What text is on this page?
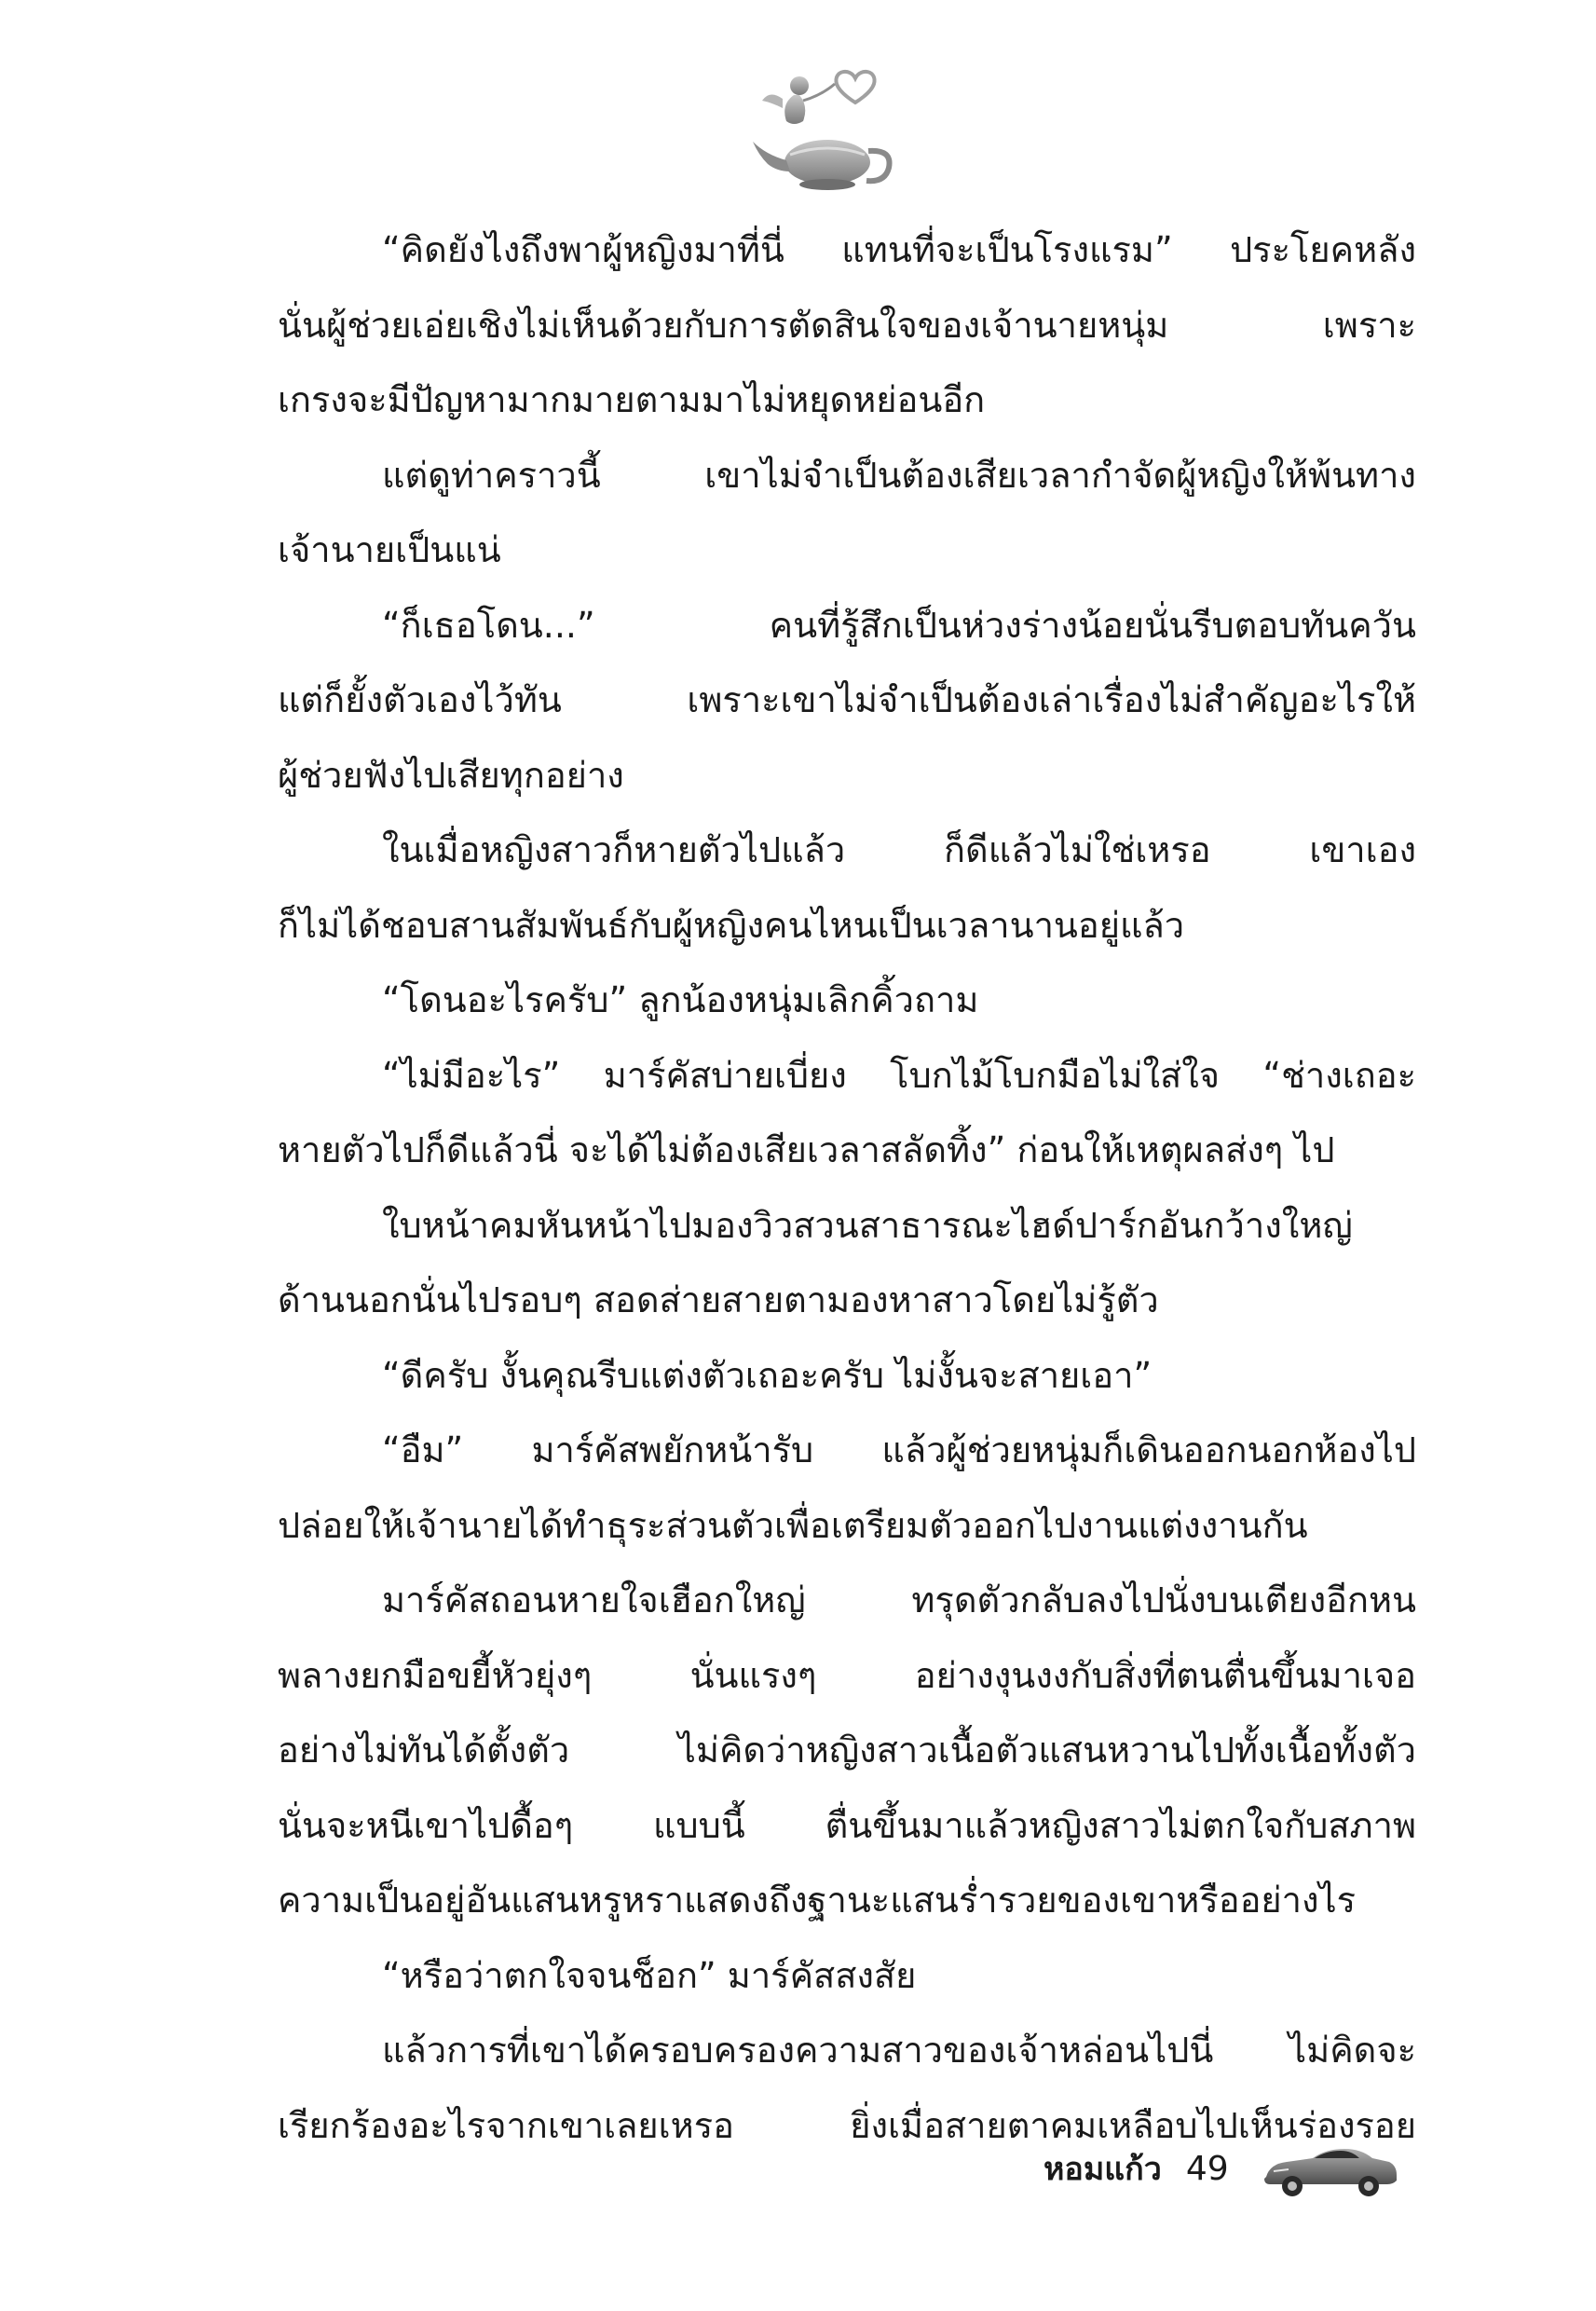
“คิดยังไงถึงพาผู้หญิงมาที่นี่ แทนที่จะเป็นโรงแรม” ประโยคหลัง
นั่นผู้ช่วยเอ่ยเชิงไม่เห็นด้วยกับการตัดสินใจของเจ้านายหนุ่ม เพราะ
เกรงจะมีปัญหามากมายตามมาไม่หยุดหย่อนอีก
แต่ดูท่าคราวนี้ เขาไม่จำเป็นต้องเสียเวลากำจัดผู้หญิงให้พ้นทาง
เจ้านายเป็นแน่
“ก็เธอโดน...” คนที่รู้สึกเป็นห่วงร่างน้อยนั่นรีบตอบทันควัน
แต่ก็ยั้งตัวเองไว้ทัน เพราะเขาไม่จำเป็นต้องเล่าเรื่องไม่สำคัญอะไรให้
ผู้ช่วยฟังไปเสียทุกอย่าง
ในเมื่อหญิงสาวก็หายตัวไปแล้ว ก็ดีแล้วไม่ใช่เหรอ เขาเอง
ก็ไม่ได้ชอบสานสัมพันธ์กับผู้หญิงคนไหนเป็นเวลานานอยู่แล้ว
“โดนอะไรครับ” ลูกน้องหนุ่มเลิกคิ้วถาม
“ไม่มีอะไร” มาร์คัสบ่ายเบี่ยง โบกไม้โบกมือไม่ใส่ใจ “ช่างเถอะ
หายตัวไปก็ดีแล้วนี่ จะได้ไม่ต้องเสียเวลาสลัดทิ้ง” ก่อนให้เหตุผลส่งๆ ไป
ใบหน้าคมหันหน้าไปมองวิวสวนสาธารณะไฮด์ปาร์กอันกว้างใหญ่
ด้านนอกนั่นไปรอบๆ สอดส่ายสายตามองหาสาวโดยไม่รู้ตัว
“ดีครับ งั้นคุณรีบแต่งตัวเถอะครับ ไม่งั้นจะสายเอา”
“อืม” มาร์คัสพยักหน้ารับ แล้วผู้ช่วยหนุ่มก็เดินออกนอกห้องไป
ปล่อยให้เจ้านายได้ทำธุระส่วนตัวเพื่อเตรียมตัวออกไปงานแต่งงานกัน
มาร์คัสถอนหายใจเฮือกใหญ่ ทรุดตัวกลับลงไปนั่งบนเตียงอีกหน
พลางยกมือขยี้หัวยุ่งๆ นั่นแรงๆ อย่างงุนงงกับสิ่งที่ตนตื่นขึ้นมาเจอ
อย่างไม่ทันได้ตั้งตัว ไม่คิดว่าหญิงสาวเนื้อตัวแสนหวานไปทั้งเนื้อทั้งตัว
นั่นจะหนีเขาไปดื้อๆ แบบนี้ ตื่นขึ้นมาแล้วหญิงสาวไม่ตกใจกับสภาพ
ความเป็นอยู่อันแสนหรูหราแสดงถึงฐานะแสนร่ำรวยของเขาหรืออย่างไร
“หรือว่าตกใจจนช็อก” มาร์คัสสงสัย
แล้วการที่เขาได้ครอบครองความสาวของเจ้าหล่อนไปนี่ ไม่คิดจะ
เรียกร้องอะไรจากเขาเลยเหรอ ยิ่งเมื่อสายตาคมเหลือบไปเห็นร่องรอย
หอมแก้ว 49
